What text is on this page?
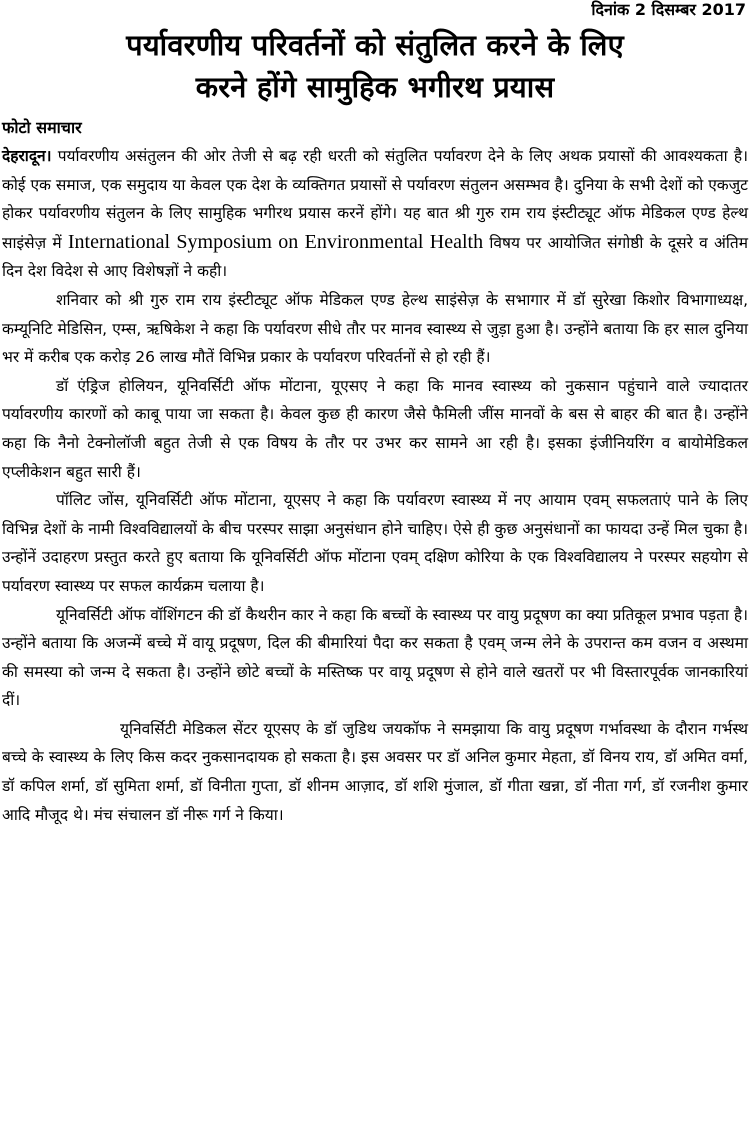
दिनांक 2 दिसम्बर 2017
पर्यावरणीय परिवर्तनों को संतुलित करने के लिए
करने होंगे सामुहिक भगीरथ प्रयास
फोटो समाचार

देहरादून। पर्यावरणीय असंतुलन की ओर तेजी से बढ़ रही धरती को संतुलित पर्यावरण देने के लिए अथक प्रयासों की आवश्यकता है। कोई एक समाज, एक समुदाय या केवल एक देश के व्यक्तिगत प्रयासों से पर्यावरण संतुलन असम्भव है। दुनिया के सभी देशों को एकजुट होकर पर्यावरणीय संतुलन के लिए सामुहिक भगीरथ प्रयास करनें होंगे। यह बात श्री गुरु राम राय इंस्टीट्यूट ऑफ मेडिकल एण्ड हेल्थ साइंसेज़ में International Symposium on Environmental Health विषय पर आयोजित संगोष्ठी के दूसरे व अंतिम दिन देश विदेश से आए विशेषज्ञों ने कही।

शनिवार को श्री गुरु राम राय इंस्टीट्यूट ऑफ मेडिकल एण्ड हेल्थ साइंसेज़ के सभागार में डॉ सुरेखा किशोर विभागाध्यक्ष, कम्यूनिटि मेडिसिन, एम्स, ऋषिकेश ने कहा कि पर्यावरण सीधे तौर पर मानव स्वास्थ्य से जुड़ा हुआ है। उन्होंने बताया कि हर साल दुनिया भर में करीब एक करोड़ 26 लाख मौतें विभिन्न प्रकार के पर्यावरण परिवर्तनों से हो रही हैं।

डॉ एंड्रिज होलियन, यूनिवर्सिटी ऑफ मोंटाना, यूएसए ने कहा कि मानव स्वास्थ्य को नुकसान पहुंचाने वाले ज्यादातर पर्यावरणीय कारणों को काबू पाया जा सकता है। केवल कुछ ही कारण जैसे फैमिली जींस मानवों के बस से बाहर की बात है। उन्होंने कहा कि नैनो टेक्नोलॉजी बहुत तेजी से एक विषय के तौर पर उभर कर सामने आ रही है। इसका इंजीनियरिंग व बायोमेडिकल एप्लीकेशन बहुत सारी हैं।

पॉलिट जोंस, यूनिवर्सिटी ऑफ मोंटाना, यूएसए ने कहा कि पर्यावरण स्वास्थ्य में नए आयाम एवम् सफलताएं पाने के लिए विभिन्न देशों के नामी विश्वविद्यालयों के बीच परस्पर साझा अनुसंधान होने चाहिए। ऐसे ही कुछ अनुसंधानों का फायदा उन्हें मिल चुका है। उन्होंनें उदाहरण प्रस्तुत करते हुए बताया कि यूनिवर्सिटी ऑफ मोंटाना एवम् दक्षिण कोरिया के एक विश्वविद्यालय ने परस्पर सहयोग से पर्यावरण स्वास्थ्य पर सफल कार्यक्रम चलाया है।

यूनिवर्सिटी ऑफ वॉशिंगटन की डॉ कैथरीन कार ने कहा कि बच्चों के स्वास्थ्य पर वायु प्रदूषण का क्या प्रतिकूल प्रभाव पड़ता है। उन्होंने बताया कि अजन्में बच्चे में वायू प्रदूषण, दिल की बीमारियां पैदा कर सकता है एवम् जन्म लेने के उपरान्त कम वजन व अस्थमा की समस्या को जन्म दे सकता है। उन्होंने छोटे बच्चों के मस्तिष्क पर वायू प्रदूषण से होने वाले खतरों पर भी विस्तारपूर्वक जानकारियां दीं।

यूनिवर्सिटी मेडिकल सेंटर यूएसए के डॉ जुडिथ जयकॉफ ने समझाया कि वायु प्रदूषण गर्भावस्था के दौरान गर्भस्थ बच्चे के स्वास्थ्य के लिए किस कदर नुकसानदायक हो सकता है। इस अवसर पर डॉ अनिल कुमार मेहता, डॉ विनय राय, डॉ अमित वर्मा, डॉ कपिल शर्मा, डॉ सुमिता शर्मा, डॉ विनीता गुप्ता, डॉ शीनम आज़ाद, डॉ शशि मुंजाल, डॉ गीता खन्ना, डॉ नीता गर्ग, डॉ रजनीश कुमार आदि मौजूद थे। मंच संचालन डॉ नीरू गर्ग ने किया।
